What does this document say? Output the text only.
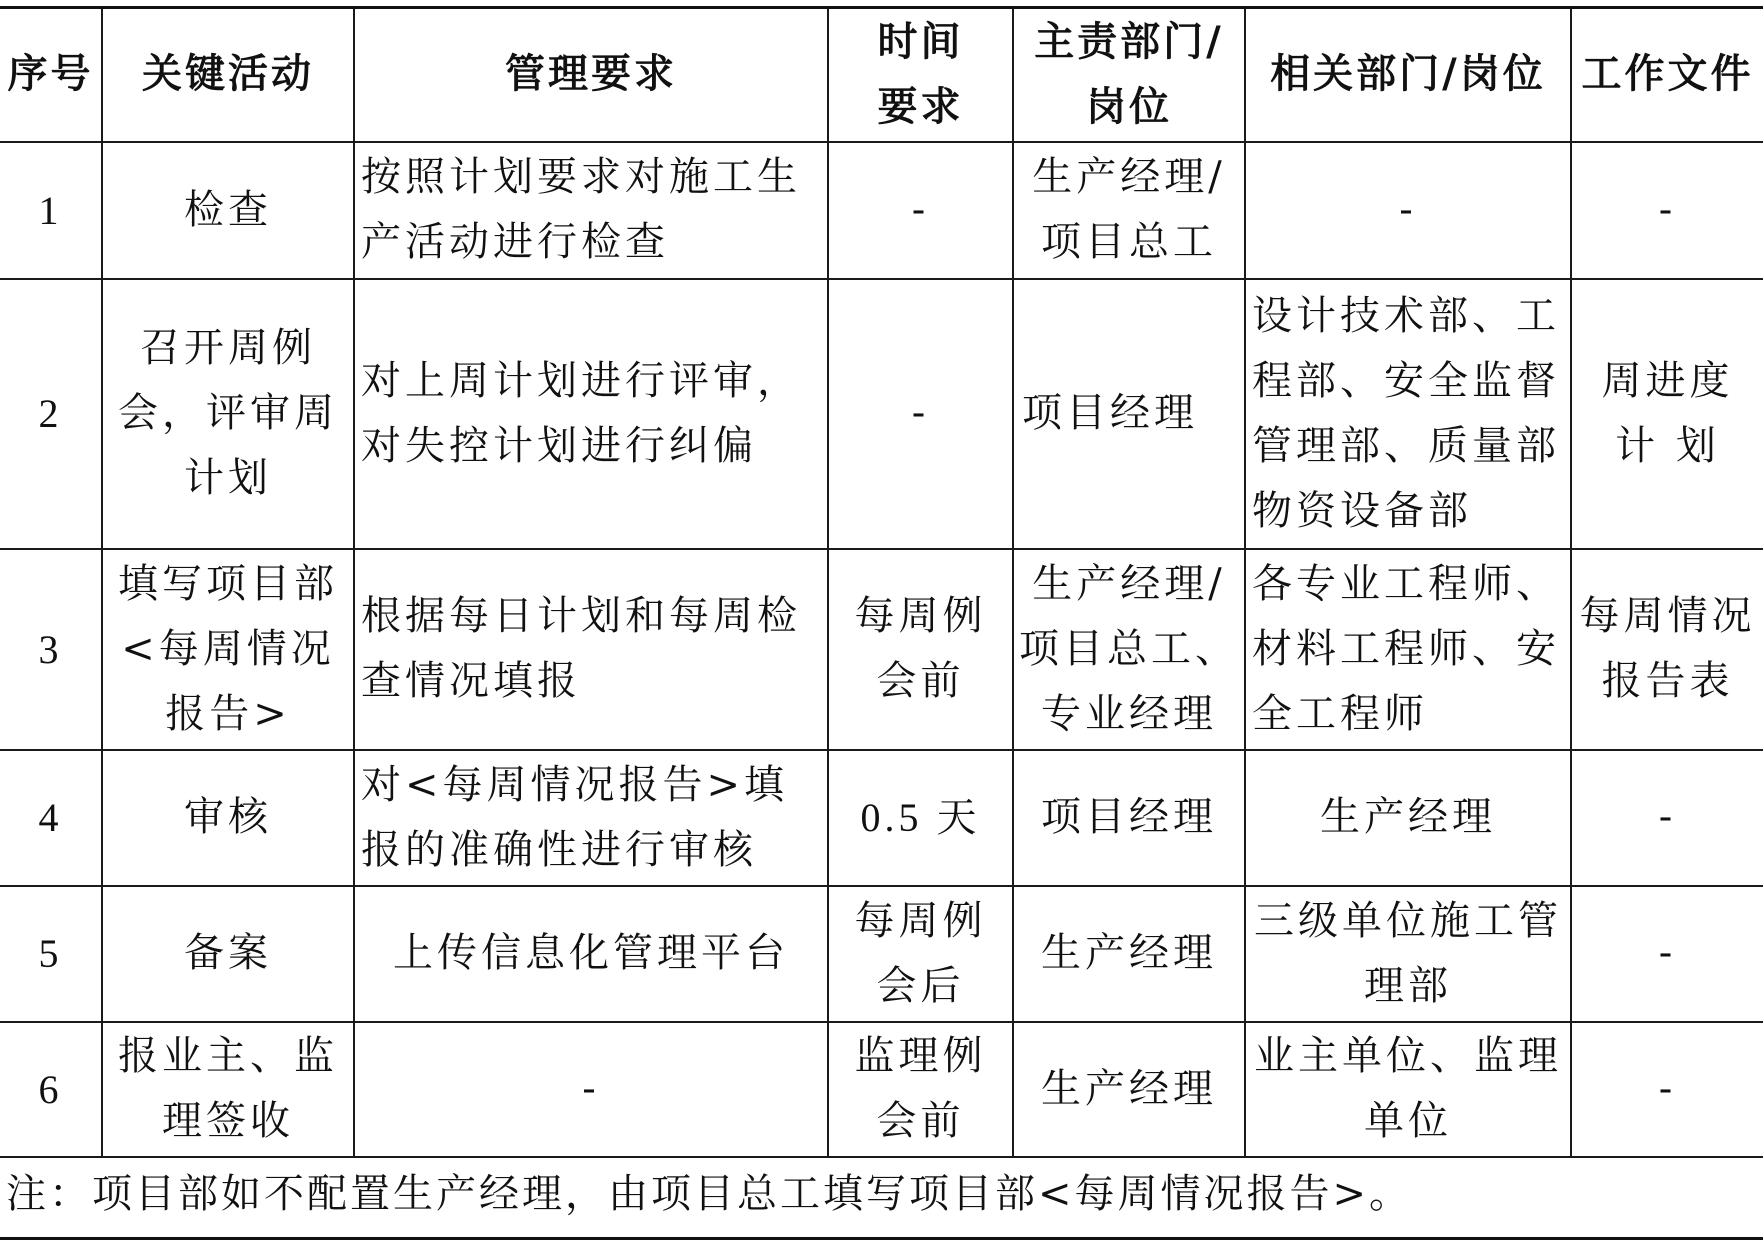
序号	关键活动	管理要求	时间要求	主责部门/岗位	相关部门/岗位	工作文件
1	检查	按照计划要求对施工生产活动进行检查	-	生产经理/项目总工	-	-
2	召开周例会，评审周计划	对上周计划进行评审，对失控计划进行纠偏	-	项目经理	设计技术部、工程部、安全监督管理部、质量部物资设备部	周进度计 划
3	填写项目部<每周情况报告>	根据每日计划和每周检查情况填报	每周例会前	生产经理/项目总工、专业经理	各专业工程师、材料工程师、安全工程师	每周情况报告表
4	审核	对<每周情况报告>填报的准确性进行审核	0.5 天	项目经理	生产经理	-
5	备案	上传信息化管理平台	每周例会后	生产经理	三级单位施工管理部	-
6	报业主、监理签收	-	监理例会前	生产经理	业主单位、监理单位	-
注：项目部如不配置生产经理，由项目总工填写项目部<每周情况报告>。
